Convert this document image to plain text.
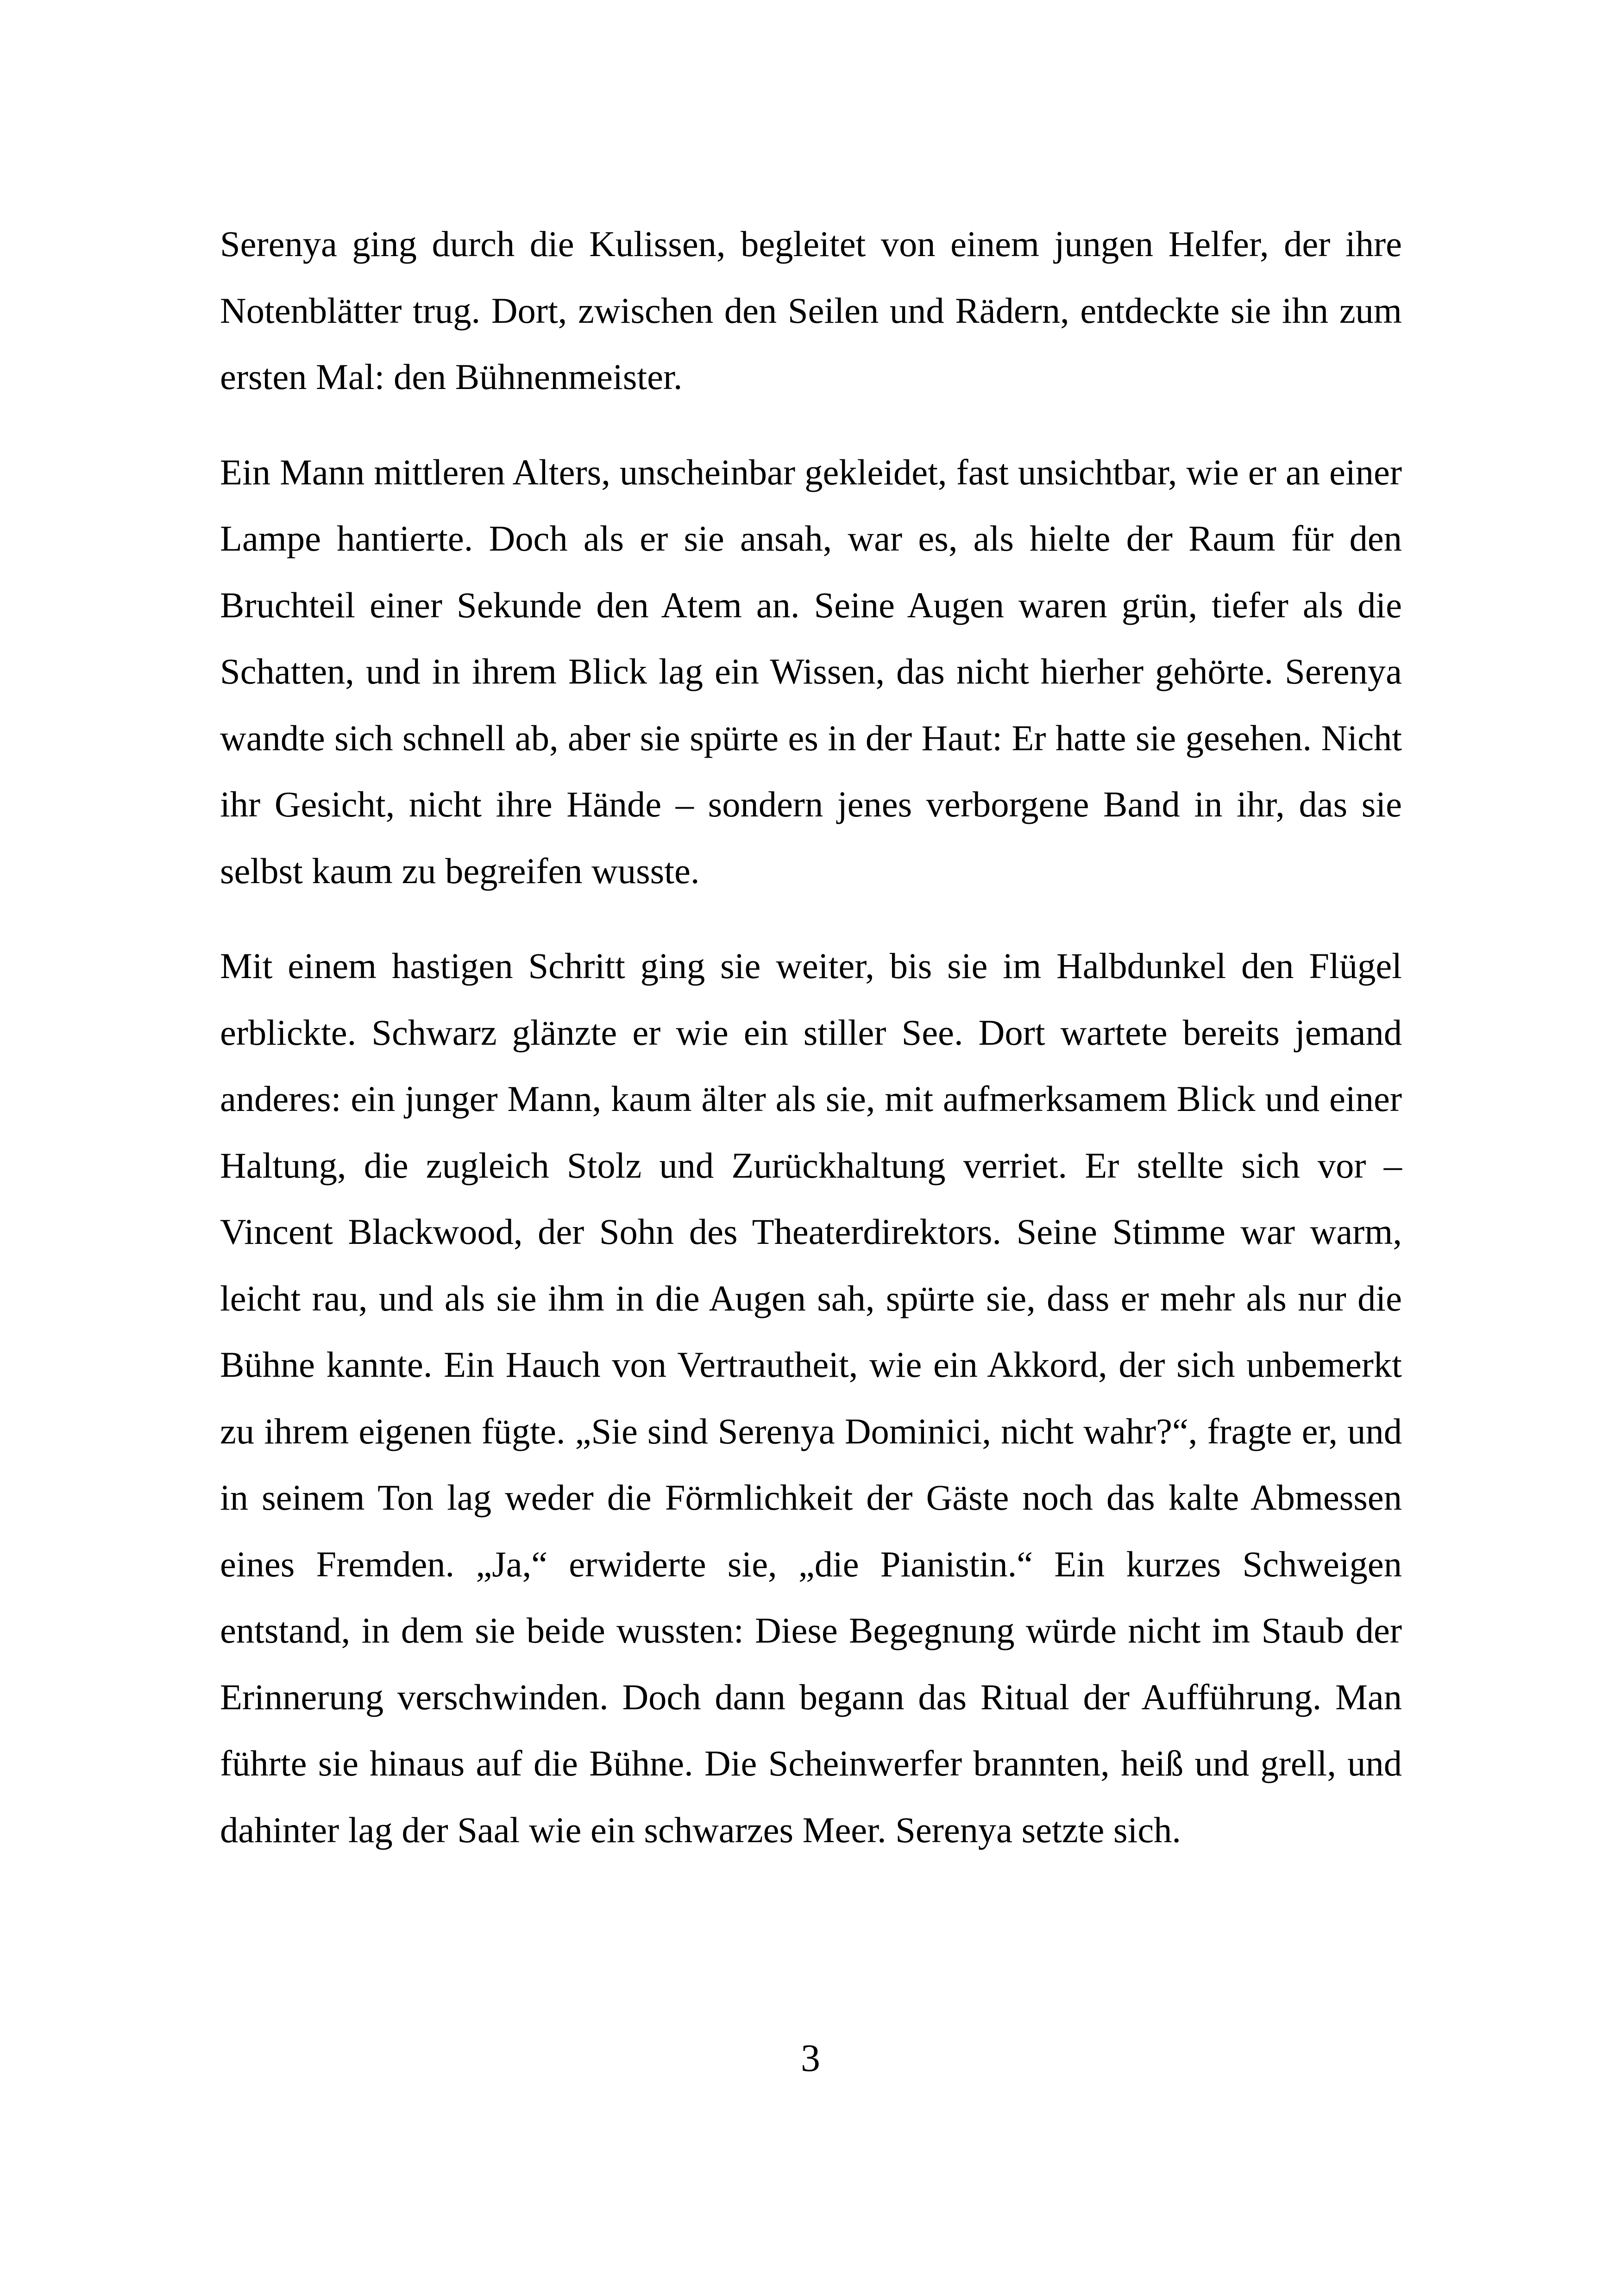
Serenya ging durch die Kulissen, begleitet von einem jungen Helfer, der ihre Notenblätter trug. Dort, zwischen den Seilen und Rädern, entdeckte sie ihn zum ersten Mal: den Bühnenmeister.

Ein Mann mittleren Alters, unscheinbar gekleidet, fast unsichtbar, wie er an einer Lampe hantierte. Doch als er sie ansah, war es, als hielte der Raum für den Bruchteil einer Sekunde den Atem an. Seine Augen waren grün, tiefer als die Schatten, und in ihrem Blick lag ein Wissen, das nicht hierher gehörte. Serenya wandte sich schnell ab, aber sie spürte es in der Haut: Er hatte sie gesehen. Nicht ihr Gesicht, nicht ihre Hände – sondern jenes verborgene Band in ihr, das sie selbst kaum zu begreifen wusste.

Mit einem hastigen Schritt ging sie weiter, bis sie im Halbdunkel den Flügel erblickte. Schwarz glänzte er wie ein stiller See. Dort wartete bereits jemand anderes: ein junger Mann, kaum älter als sie, mit aufmerksamem Blick und einer Haltung, die zugleich Stolz und Zurückhaltung verriet. Er stellte sich vor – Vincent Blackwood, der Sohn des Theaterdirektors. Seine Stimme war warm, leicht rau, und als sie ihm in die Augen sah, spürte sie, dass er mehr als nur die Bühne kannte. Ein Hauch von Vertrautheit, wie ein Akkord, der sich unbemerkt zu ihrem eigenen fügte. „Sie sind Serenya Dominici, nicht wahr?“, fragte er, und in seinem Ton lag weder die Förmlichkeit der Gäste noch das kalte Abmessen eines Fremden. „Ja,“ erwiderte sie, „die Pianistin.“ Ein kurzes Schweigen entstand, in dem sie beide wussten: Diese Begegnung würde nicht im Staub der Erinnerung verschwinden. Doch dann begann das Ritual der Aufführung. Man führte sie hinaus auf die Bühne. Die Scheinwerfer brannten, heiß und grell, und dahinter lag der Saal wie ein schwarzes Meer. Serenya setzte sich.

3
